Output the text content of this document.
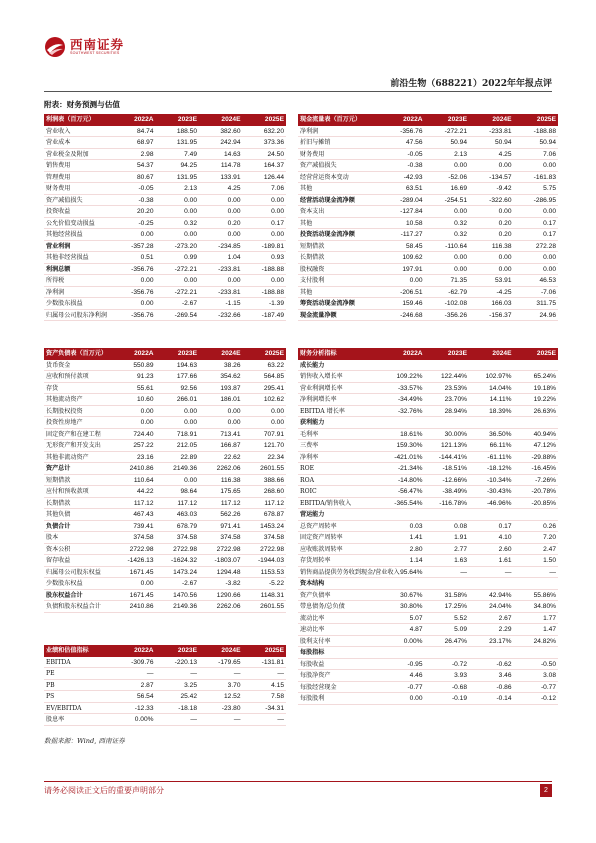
西南证券
SOUTHWEST SECURITIES
前沿生物（688221）2022年年报点评
附表：财务预测与估值
利润表（百万元）	2022A	2023E	2024E	2025E
营业收入	84.74	188.50	382.60	632.20
营业成本	68.97	131.95	242.94	373.36
营业税金及附加	2.98	7.49	14.63	24.50
销售费用	54.37	94.25	114.78	164.37
管理费用	80.67	131.95	133.91	126.44
财务费用	-0.05	2.13	4.25	7.06
资产减值损失	-0.38	0.00	0.00	0.00
投资收益	20.20	0.00	0.00	0.00
公允价值变动损益	-0.25	0.32	0.20	0.17
其他经营损益	0.00	0.00	0.00	0.00
营业利润	-357.28	-273.20	-234.85	-189.81
其他非经营损益	0.51	0.99	1.04	0.93
利润总额	-356.76	-272.21	-233.81	-188.88
所得税	0.00	0.00	0.00	0.00
净利润	-356.76	-272.21	-233.81	-188.88
少数股东损益	0.00	-2.67	-1.15	-1.39
归属母公司股东净利润	-356.76	-269.54	-232.66	-187.49
现金流量表（百万元）	2022A	2023E	2024E	2025E
净利润	-356.76	-272.21	-233.81	-188.88
折旧与摊销	47.56	50.94	50.94	50.94
财务费用	-0.05	2.13	4.25	7.06
资产减值损失	-0.38	0.00	0.00	0.00
经营营运资本变动	-42.93	-52.06	-134.57	-161.83
其他	63.51	16.69	-9.42	5.75
经营活动现金流净额	-289.04	-254.51	-322.60	-286.95
资本支出	-127.84	0.00	0.00	0.00
其他	10.58	0.32	0.20	0.17
投资活动现金流净额	-117.27	0.32	0.20	0.17
短期借款	58.45	-110.64	116.38	272.28
长期借款	109.62	0.00	0.00	0.00
股权融资	197.91	0.00	0.00	0.00
支付股利	0.00	71.35	53.91	46.53
其他	-206.51	-62.79	-4.25	-7.06
筹资活动现金流净额	159.46	-102.08	166.03	311.75
现金流量净额	-246.68	-356.26	-156.37	24.96
资产负债表（百万元）	2022A	2023E	2024E	2025E
货币资金	550.89	194.63	38.26	63.22
应收和预付款项	91.23	177.66	354.62	564.85
存货	55.61	92.56	193.87	295.41
其他流动资产	10.60	266.01	186.01	102.62
长期股权投资	0.00	0.00	0.00	0.00
投资性房地产	0.00	0.00	0.00	0.00
固定资产和在建工程	724.40	718.91	713.41	707.91
无形资产和开发支出	257.22	212.05	166.87	121.70
其他非流动资产	23.16	22.89	22.62	22.34
资产总计	2410.86	2149.36	2262.06	2601.55
短期借款	110.64	0.00	116.38	388.66
应付和预收款项	44.22	98.64	175.65	268.60
长期借款	117.12	117.12	117.12	117.12
其他负债	467.43	463.03	562.26	678.87
负债合计	739.41	678.79	971.41	1453.24
股本	374.58	374.58	374.58	374.58
资本公积	2722.98	2722.98	2722.98	2722.98
留存收益	-1426.13	-1624.32	-1803.07	-1944.03
归属母公司股东权益	1671.45	1473.24	1294.48	1153.53
少数股东权益	0.00	-2.67	-3.82	-5.22
股东权益合计	1671.45	1470.56	1290.66	1148.31
负债和股东权益合计	2410.86	2149.36	2262.06	2601.55
财务分析指标	2022A	2023E	2024E	2025E
成长能力
销售收入增长率	109.22%	122.44%	102.97%	65.24%
营业利润增长率	-33.57%	23.53%	14.04%	19.18%
净利润增长率	-34.49%	23.70%	14.11%	19.22%
EBITDA 增长率	-32.76%	28.94%	18.39%	26.63%
获利能力
毛利率	18.61%	30.00%	36.50%	40.94%
三费率	159.30%	121.13%	66.11%	47.12%
净利率	-421.01%	-144.41%	-61.11%	-29.88%
ROE	-21.34%	-18.51%	-18.12%	-16.45%
ROA	-14.80%	-12.66%	-10.34%	-7.26%
ROIC	-56.47%	-38.49%	-30.43%	-20.78%
EBITDA/销售收入	-365.54%	-116.78%	-46.96%	-20.85%
营运能力
总资产周转率	0.03	0.08	0.17	0.26
固定资产周转率	1.41	1.91	4.10	7.20
应收账款周转率	2.80	2.77	2.60	2.47
存货周转率	1.14	1.63	1.61	1.50
销售商品提供劳务收到现金/营业收入 95.64%	—	—	—
资本结构
资产负债率	30.67%	31.58%	42.94%	55.86%
带息债务/总负债	30.80%	17.25%	24.04%	34.80%
流动比率	5.07	5.52	2.67	1.77
速动比率	4.87	5.09	2.29	1.47
股利支付率	0.00%	26.47%	23.17%	24.82%
每股指标
每股收益	-0.95	-0.72	-0.62	-0.50
每股净资产	4.46	3.93	3.46	3.08
每股经营现金	-0.77	-0.68	-0.86	-0.77
每股股利	0.00	-0.19	-0.14	-0.12
业绩和估值指标	2022A	2023E	2024E	2025E
EBITDA	-309.76	-220.13	-179.65	-131.81
PE	—	—	—	—
PB	2.87	3.25	3.70	4.15
PS	56.54	25.42	12.52	7.58
EV/EBITDA	-12.33	-18.18	-23.80	-34.31
股息率	0.00%	—	—	—
数据来源：Wind, 西南证券
请务必阅读正文后的重要声明部分	2
